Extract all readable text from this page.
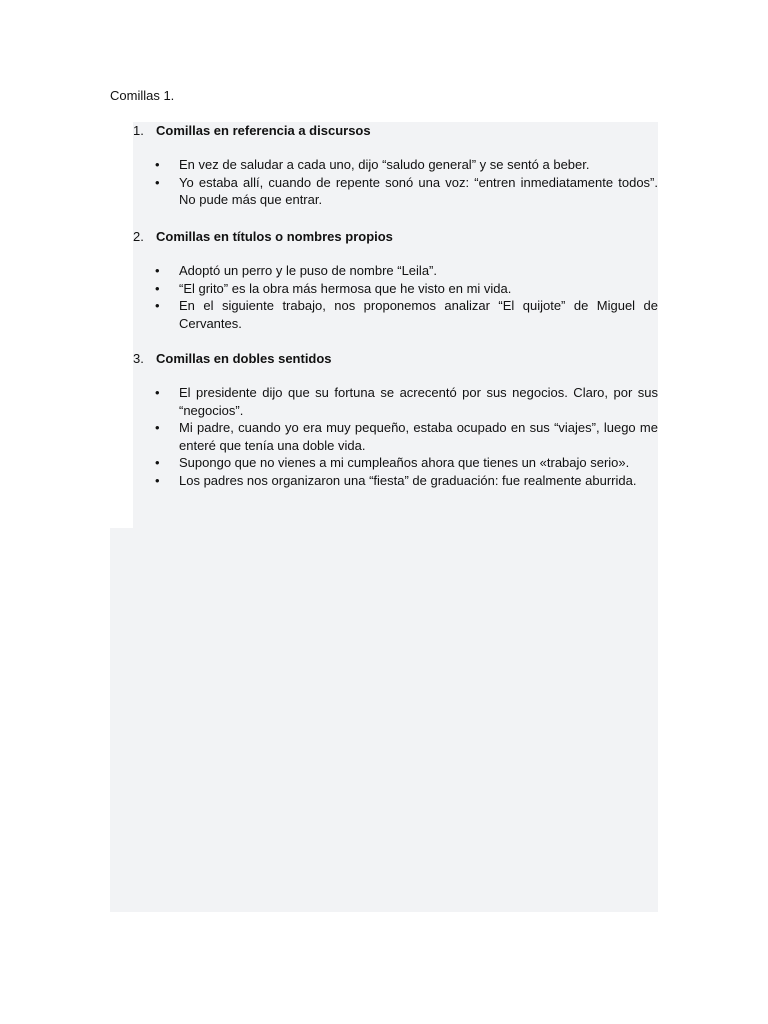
Comillas 1.
1. Comillas en referencia a discursos
•	En vez de saludar a cada uno, dijo “saludo general” y se sentó a beber.
•	Yo estaba allí, cuando de repente sonó una voz: “entren inmediatamente todos”. No pude más que entrar.
2. Comillas en títulos o nombres propios
•	Adoptó un perro y le puso de nombre “Leila”.
•	“El grito” es la obra más hermosa que he visto en mi vida.
•	En el siguiente trabajo, nos proponemos analizar “El quijote” de Miguel de Cervantes.
3. Comillas en dobles sentidos
•	El presidente dijo que su fortuna se acrecentó por sus negocios. Claro, por sus “negocios”.
•	Mi padre, cuando yo era muy pequeño, estaba ocupado en sus “viajes”, luego me enteré que tenía una doble vida.
•	Supongo que no vienes a mi cumpleaños ahora que tienes un «trabajo serio».
•	Los padres nos organizaron una “fiesta” de graduación: fue realmente aburrida.
